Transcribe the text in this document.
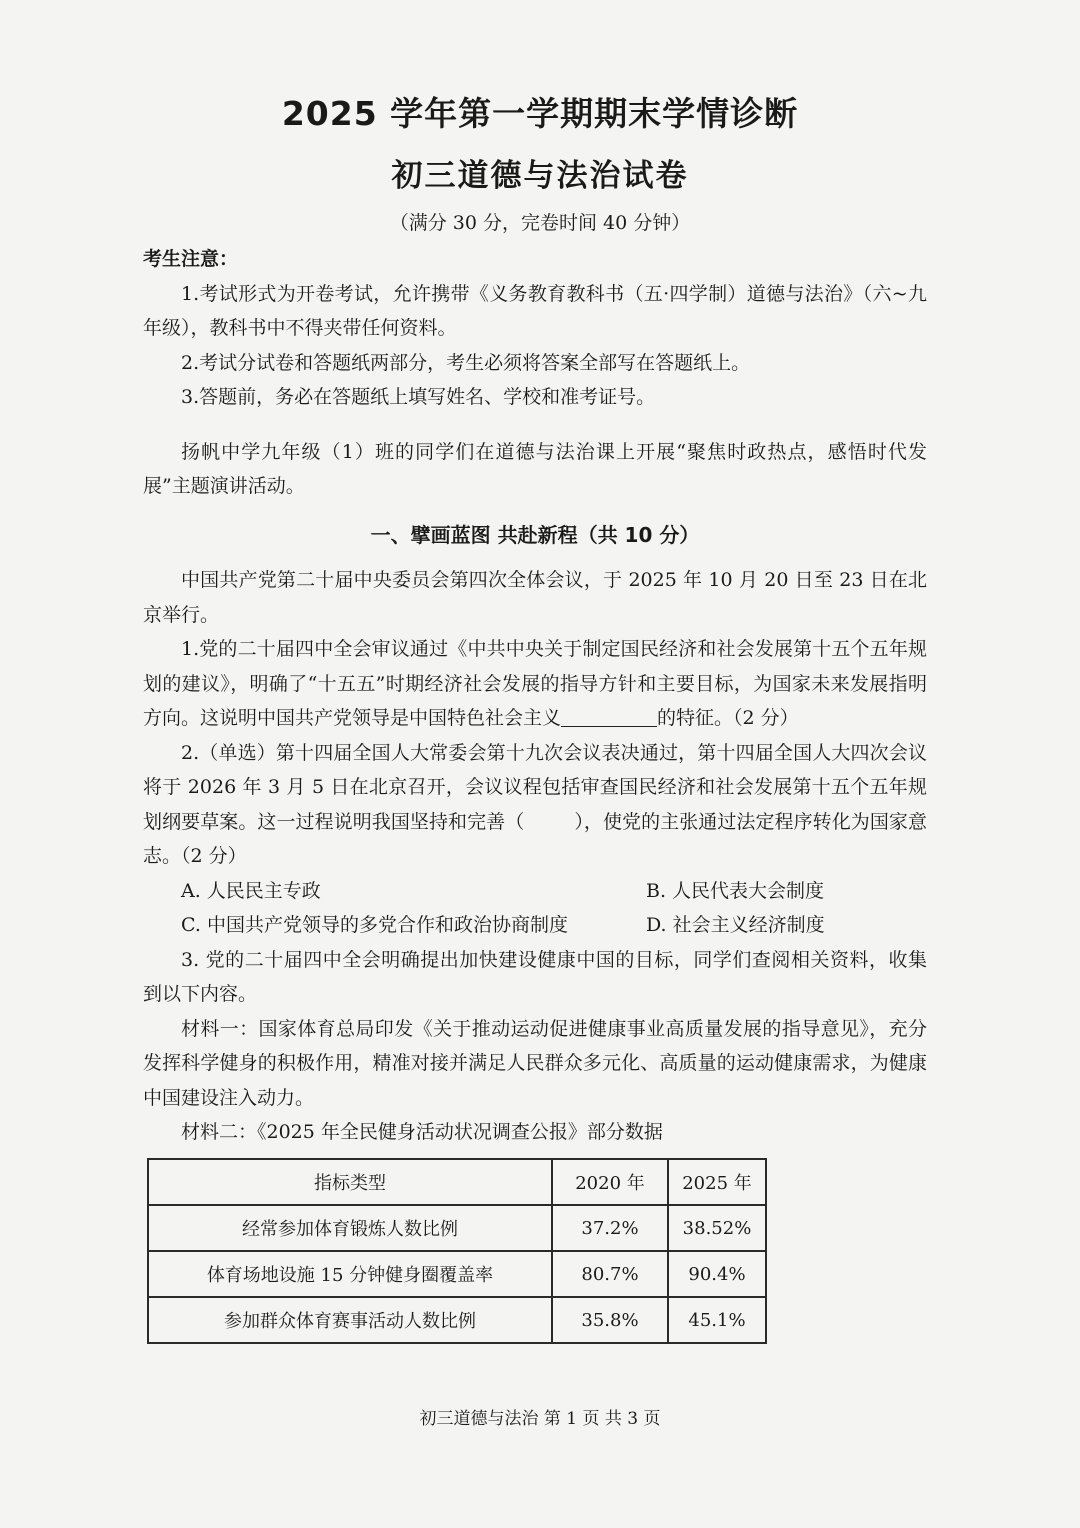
2025 学年第一学期期末学情诊断
初三道德与法治试卷
（满分 30 分，完卷时间 40 分钟）

考生注意：

1.考试形式为开卷考试，允许携带《义务教育教科书（五·四学制）道德与法治》（六~九年级），教科书中不得夹带任何资料。

2.考试分试卷和答题纸两部分，考生必须将答案全部写在答题纸上。

3.答题前，务必在答题纸上填写姓名、学校和准考证号。

扬帆中学九年级（1）班的同学们在道德与法治课上开展“聚焦时政热点，感悟时代发展”主题演讲活动。

一、擘画蓝图 共赴新程（共 10 分）

中国共产党第二十届中央委员会第四次全体会议，于 2025 年 10 月 20 日至 23 日在北京举行。

1.党的二十届四中全会审议通过《中共中央关于制定国民经济和社会发展第十五个五年规划的建议》，明确了“十五五”时期经济社会发展的指导方针和主要目标，为国家未来发展指明方向。这说明中国共产党领导是中国特色社会主义	的特征。（2 分）

2.（单选）第十四届全国人大常委会第十九次会议表决通过，第十四届全国人大四次会议将于 2026 年 3 月 5 日在北京召开，会议议程包括审查国民经济和社会发展第十五个五年规划纲要草案。这一过程说明我国坚持和完善（	），使党的主张通过法定程序转化为国家意志。（2 分）

A. 人民民主专政	B. 人民代表大会制度
C. 中国共产党领导的多党合作和政治协商制度	D. 社会主义经济制度

3. 党的二十届四中全会明确提出加快建设健康中国的目标，同学们查阅相关资料，收集到以下内容。

材料一：国家体育总局印发《关于推动运动促进健康事业高质量发展的指导意见》，充分发挥科学健身的积极作用，精准对接并满足人民群众多元化、高质量的运动健康需求，为健康中国建设注入动力。

材料二：《2025 年全民健身活动状况调查公报》部分数据

指标类型	2020 年	2025 年
经常参加体育锻炼人数比例	37.2%	38.52%
体育场地设施 15 分钟健身圈覆盖率	80.7%	90.4%
参加群众体育赛事活动人数比例	35.8%	45.1%
初三道德与法治 第 1 页 共 3 页
